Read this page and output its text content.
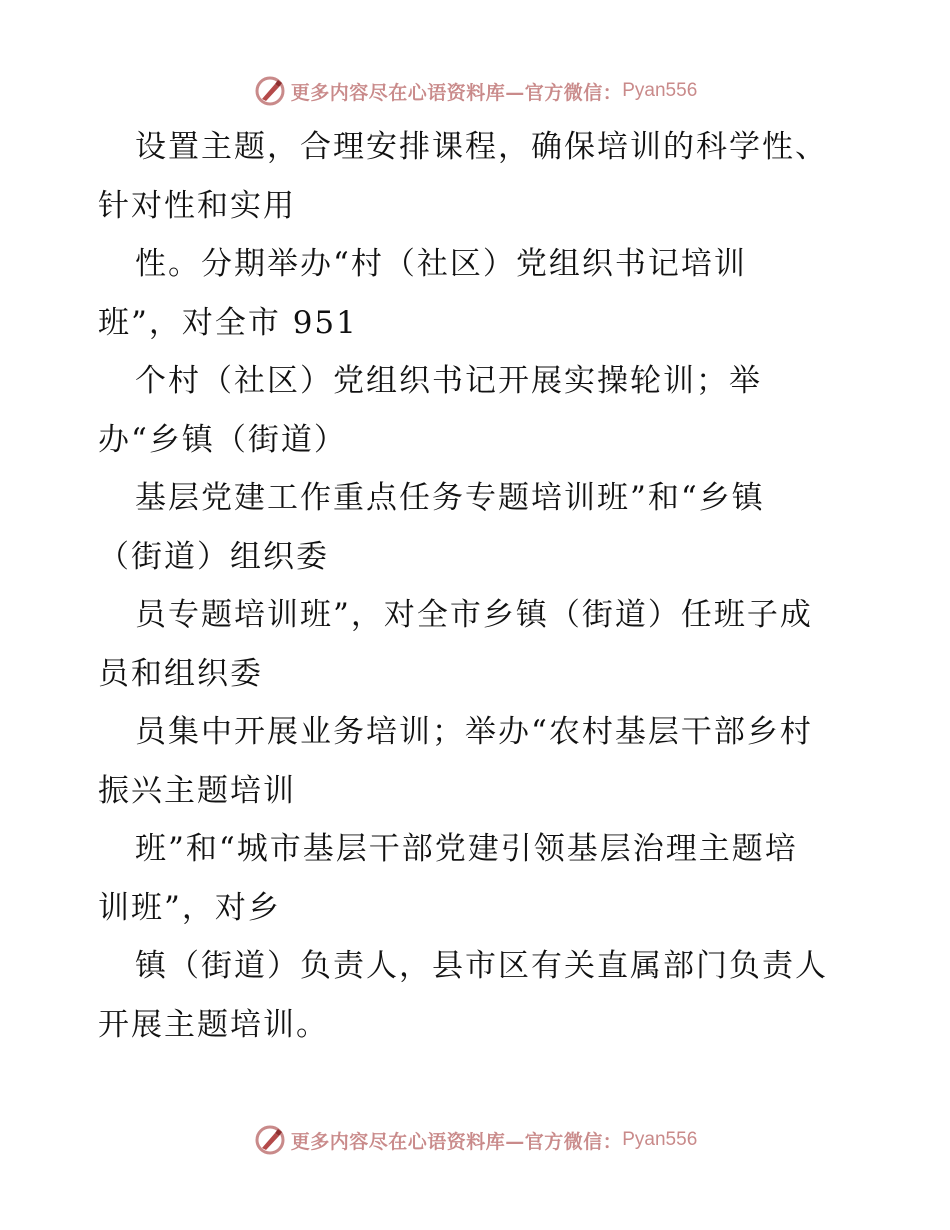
更多内容尽在心语资料库—官方微信： Pyan556
设置主题，合理安排课程，确保培训的科学性、
针对性和实用
性。分期举办“村（社区）党组织书记培训
班”，对全市 951
个村（社区）党组织书记开展实操轮训；举
办“乡镇（街道）
基层党建工作重点任务专题培训班”和“乡镇
（街道）组织委
员专题培训班”，对全市乡镇（街道）任班子成
员和组织委
员集中开展业务培训；举办“农村基层干部乡村
振兴主题培训
班”和“城市基层干部党建引领基层治理主题培
训班”，对乡
镇（街道）负责人，县市区有关直属部门负责人
开展主题培训。
更多内容尽在心语资料库—官方微信： Pyan556
